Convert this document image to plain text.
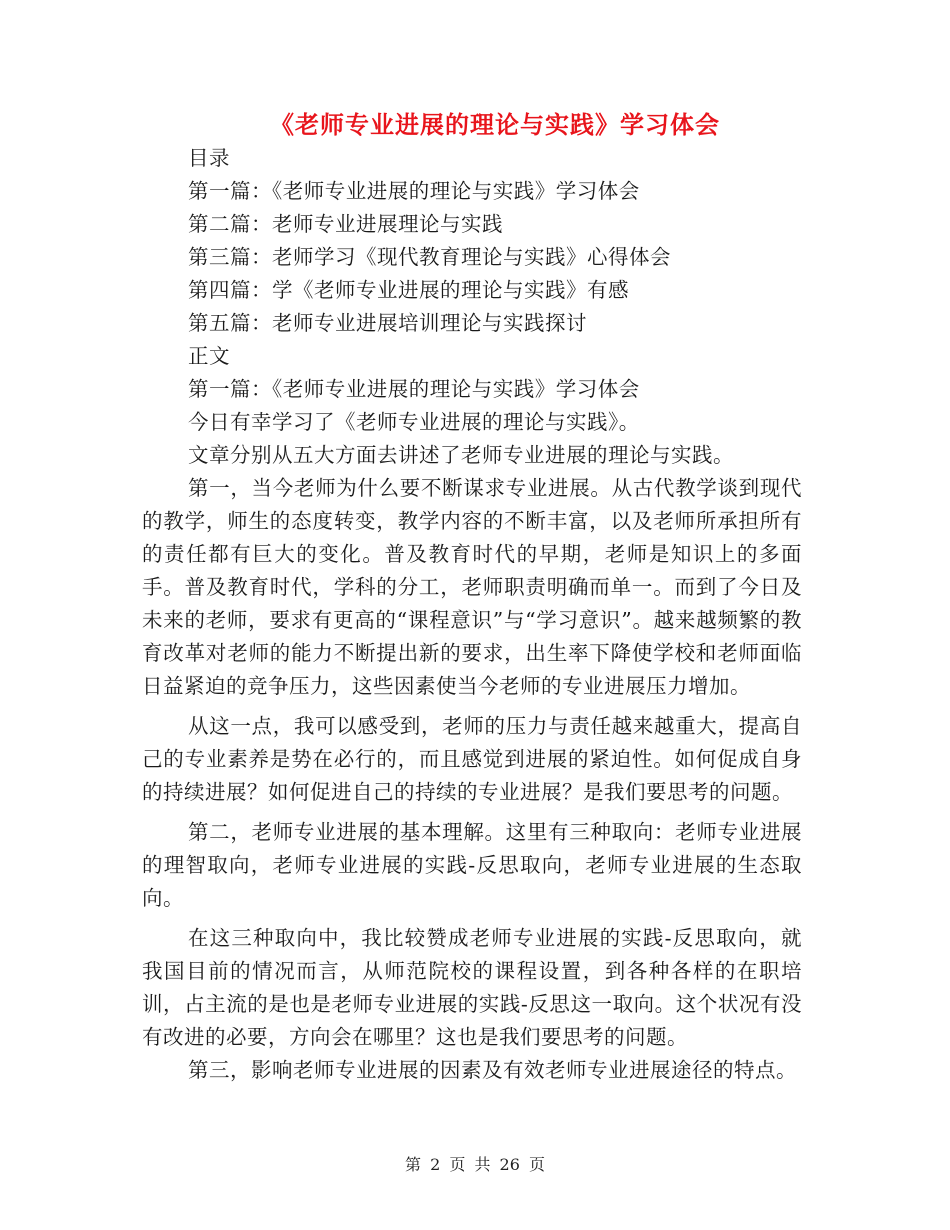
《老师专业进展的理论与实践》学习体会
目录
第一篇：《老师专业进展的理论与实践》学习体会
第二篇：老师专业进展理论与实践
第三篇：老师学习《现代教育理论与实践》心得体会
第四篇：学《老师专业进展的理论与实践》有感
第五篇：老师专业进展培训理论与实践探讨
正文
第一篇：《老师专业进展的理论与实践》学习体会
今日有幸学习了《老师专业进展的理论与实践》。
文章分别从五大方面去讲述了老师专业进展的理论与实践。

第一，当今老师为什么要不断谋求专业进展。从古代教学谈到现代的教学，师生的态度转变，教学内容的不断丰富，以及老师所承担所有的责任都有巨大的变化。普及教育时代的早期，老师是知识上的多面手。普及教育时代，学科的分工，老师职责明确而单一。而到了今日及未来的老师，要求有更高的“课程意识”与“学习意识”。越来越频繁的教育改革对老师的能力不断提出新的要求，出生率下降使学校和老师面临日益紧迫的竞争压力，这些因素使当今老师的专业进展压力增加。

从这一点，我可以感受到，老师的压力与责任越来越重大，提高自己的专业素养是势在必行的，而且感觉到进展的紧迫性。如何促成自身的持续进展？如何促进自己的持续的专业进展？是我们要思考的问题。

第二，老师专业进展的基本理解。这里有三种取向：老师专业进展的理智取向，老师专业进展的实践-反思取向，老师专业进展的生态取向。

在这三种取向中，我比较赞成老师专业进展的实践-反思取向，就我国目前的情况而言，从师范院校的课程设置，到各种各样的在职培训，占主流的是也是老师专业进展的实践-反思这一取向。这个状况有没有改进的必要，方向会在哪里？这也是我们要思考的问题。

第三，影响老师专业进展的因素及有效老师专业进展途径的特点。

第 2 页 共 26 页
